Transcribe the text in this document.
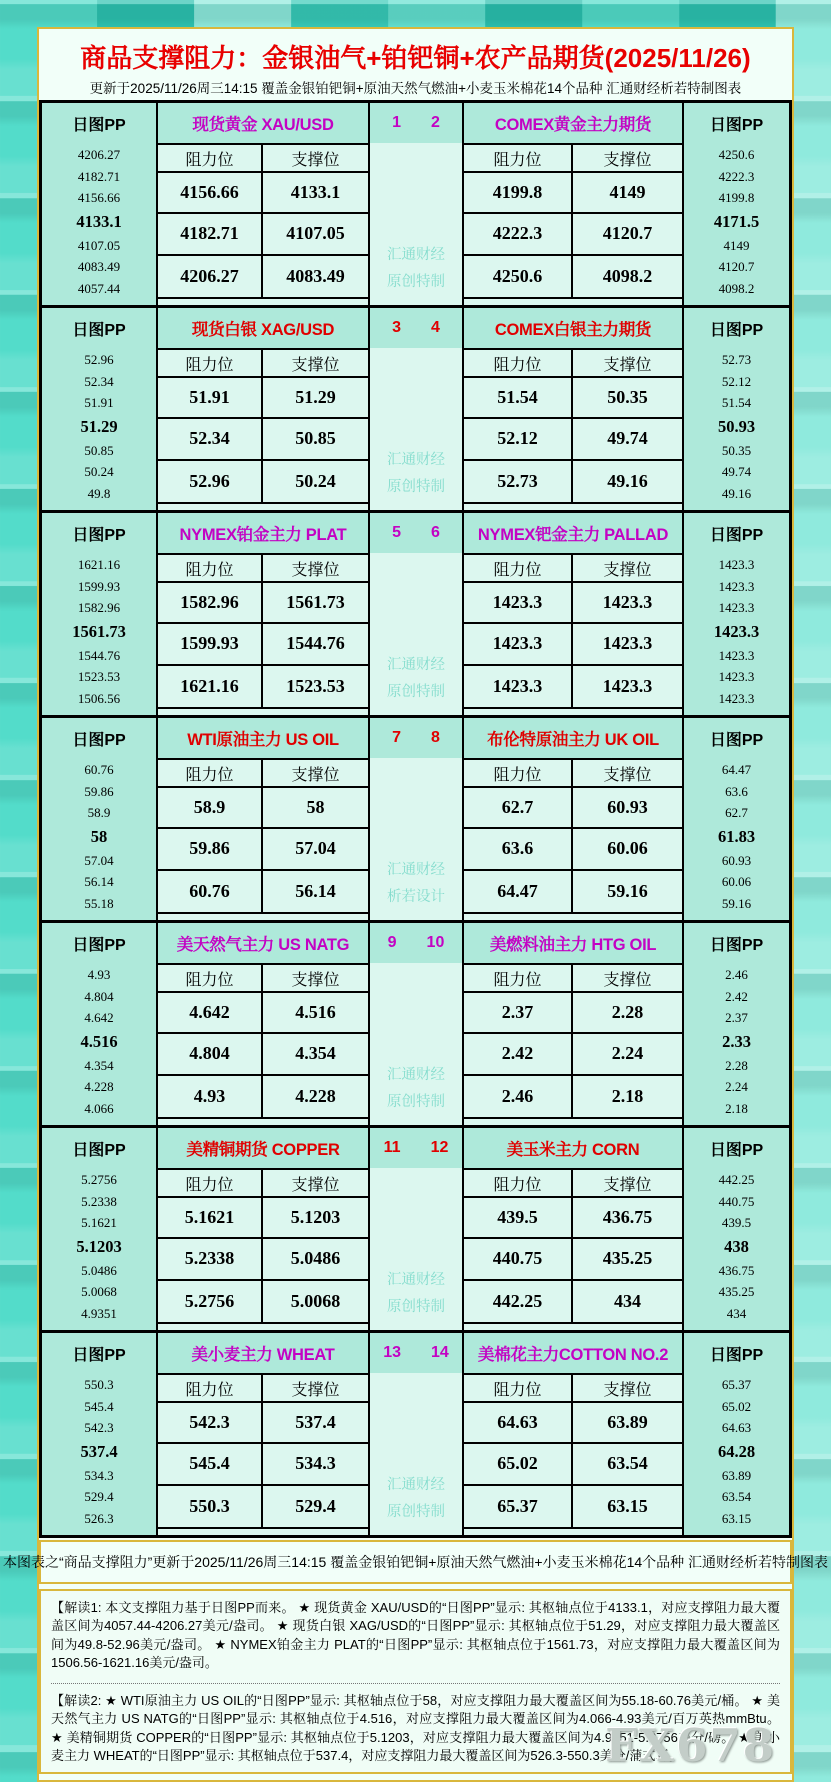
商品支撑阻力：金银油气+铂钯铜+农产品期货(2025/11/26)
更新于2025/11/26周三14:15 覆盖金银铂钯铜+原油天然气燃油+小麦玉米棉花14个品种 汇通财经析若特制图表
日图PP
4206.27
4182.71
4156.66
4133.1
4107.05
4083.49
4057.44
现货黄金 XAU/USD
阻力位	支撑位
4156.66	4133.1
4182.71	4107.05
4206.27	4083.49
1 2
汇通财经
原创特制
COMEX黄金主力期货
阻力位	支撑位
4199.8	4149
4222.3	4120.7
4250.6	4098.2
日图PP
4250.6
4222.3
4199.8
4171.5
4149
4120.7
4098.2
日图PP
52.96
52.34
51.91
51.29
50.85
50.24
49.8
现货白银 XAG/USD
阻力位	支撑位
51.91	51.29
52.34	50.85
52.96	50.24
3 4
汇通财经
原创特制
COMEX白银主力期货
阻力位	支撑位
51.54	50.35
52.12	49.74
52.73	49.16
日图PP
52.73
52.12
51.54
50.93
50.35
49.74
49.16
日图PP
1621.16
1599.93
1582.96
1561.73
1544.76
1523.53
1506.56
NYMEX铂金主力 PLAT
阻力位	支撑位
1582.96	1561.73
1599.93	1544.76
1621.16	1523.53
5 6
汇通财经
原创特制
NYMEX钯金主力 PALLAD
阻力位	支撑位
1423.3	1423.3
1423.3	1423.3
1423.3	1423.3
日图PP
1423.3
1423.3
1423.3
1423.3
1423.3
1423.3
1423.3
日图PP
60.76
59.86
58.9
58
57.04
56.14
55.18
WTI原油主力 US OIL
阻力位	支撑位
58.9	58
59.86	57.04
60.76	56.14
7 8
汇通财经
析若设计
布伦特原油主力 UK OIL
阻力位	支撑位
62.7	60.93
63.6	60.06
64.47	59.16
日图PP
64.47
63.6
62.7
61.83
60.93
60.06
59.16
日图PP
4.93
4.804
4.642
4.516
4.354
4.228
4.066
美天然气主力 US NATG
阻力位	支撑位
4.642	4.516
4.804	4.354
4.93	4.228
9 10
汇通财经
原创特制
美燃料油主力 HTG OIL
阻力位	支撑位
2.37	2.28
2.42	2.24
2.46	2.18
日图PP
2.46
2.42
2.37
2.33
2.28
2.24
2.18
日图PP
5.2756
5.2338
5.1621
5.1203
5.0486
5.0068
4.9351
美精铜期货 COPPER
阻力位	支撑位
5.1621	5.1203
5.2338	5.0486
5.2756	5.0068
11 12
汇通财经
原创特制
美玉米主力 CORN
阻力位	支撑位
439.5	436.75
440.75	435.25
442.25	434
日图PP
442.25
440.75
439.5
438
436.75
435.25
434
日图PP
550.3
545.4
542.3
537.4
534.3
529.4
526.3
美小麦主力 WHEAT
阻力位	支撑位
542.3	537.4
545.4	534.3
550.3	529.4
13 14
汇通财经
原创特制
美棉花主力COTTON NO.2
阻力位	支撑位
64.63	63.89
65.02	63.54
65.37	63.15
日图PP
65.37
65.02
64.63
64.28
63.89
63.54
63.15
本图表之“商品支撑阻力”更新于2025/11/26周三14:15 覆盖金银铂钯铜+原油天然气燃油+小麦玉米棉花14个品种 汇通财经析若特制图表

【解读1: 本文支撑阻力基于日图PP而来。 ★ 现货黄金 XAU/USD的“日图PP”显示: 其枢轴点位于4133.1，对应支撑阻力最大覆盖区间为4057.44-4206.27美元/盎司。 ★ 现货白银 XAG/USD的“日图PP”显示: 其枢轴点位于51.29，对应支撑阻力最大覆盖区间为49.8-52.96美元/盎司。 ★ NYMEX铂金主力 PLAT的“日图PP”显示: 其枢轴点位于1561.73，对应支撑阻力最大覆盖区间为1506.56-1621.16美元/盎司。

【解读2: ★ WTI原油主力 US OIL的“日图PP”显示: 其枢轴点位于58，对应支撑阻力最大覆盖区间为55.18-60.76美元/桶。 ★ 美天然气主力 US NATG的“日图PP”显示: 其枢轴点位于4.516，对应支撑阻力最大覆盖区间为4.066-4.93美元/百万英热mmBtu。 ★ 美精铜期货 COPPER的“日图PP”显示: 其枢轴点位于5.1203，对应支撑阻力最大覆盖区间为4.9351-5.2756美分/磅。 ★ 美小麦主力 WHEAT的“日图PP”显示: 其枢轴点位于537.4，对应支撑阻力最大覆盖区间为526.3-550.3美分/蒲式耳。

FX678
